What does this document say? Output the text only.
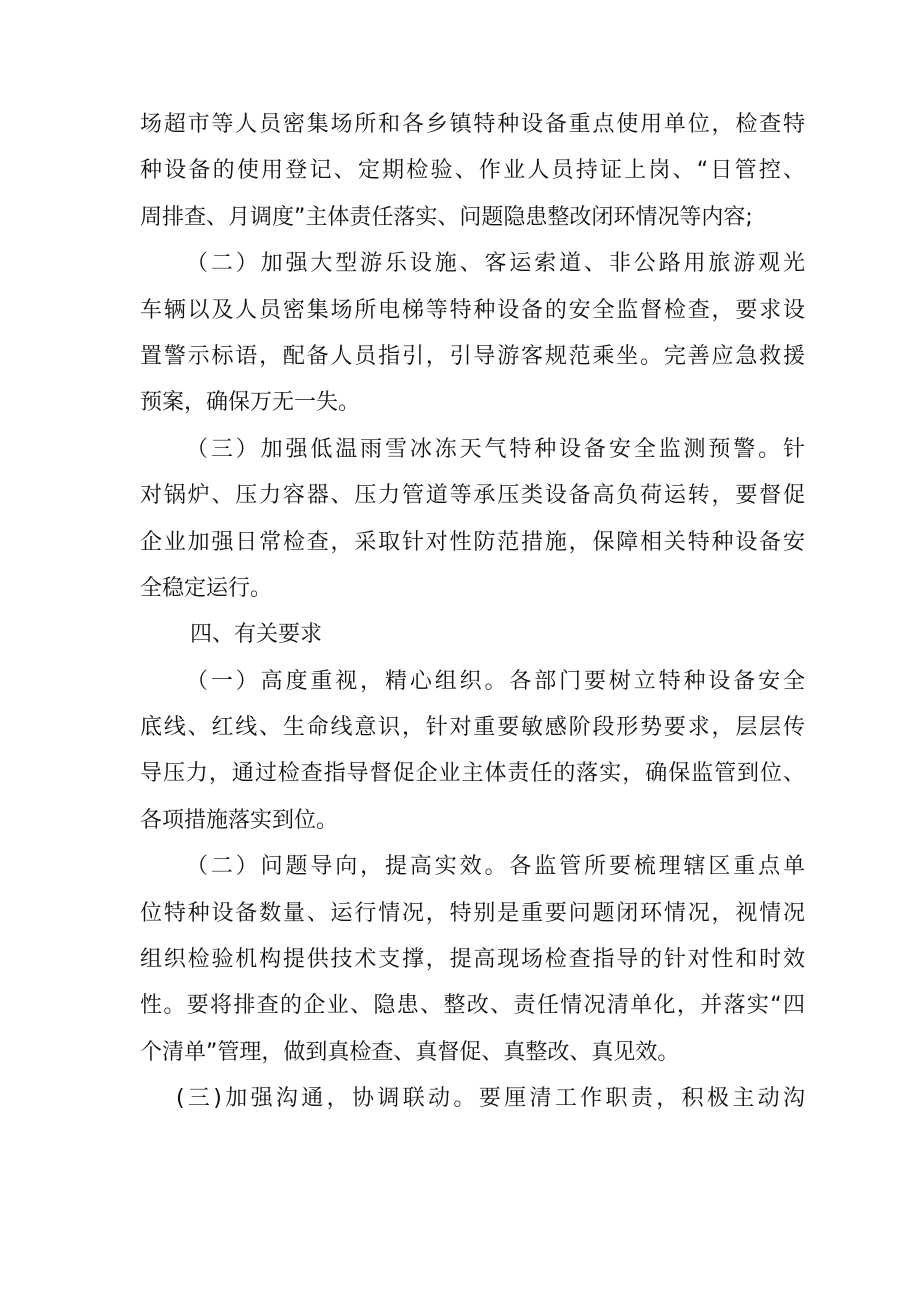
场超市等人员密集场所和各乡镇特种设备重点使用单位，检查特
种设备的使用登记、定期检验、作业人员持证上岗、“日管控、
周排查、月调度”主体责任落实、问题隐患整改闭环情况等内容;
（二）加强大型游乐设施、客运索道、非公路用旅游观光
车辆以及人员密集场所电梯等特种设备的安全监督检查，要求设
置警示标语，配备人员指引，引导游客规范乘坐。完善应急救援
预案，确保万无一失。
（三）加强低温雨雪冰冻天气特种设备安全监测预警。针
对锅炉、压力容器、压力管道等承压类设备高负荷运转，要督促
企业加强日常检查，采取针对性防范措施，保障相关特种设备安
全稳定运行。
四、有关要求
（一）高度重视，精心组织。各部门要树立特种设备安全
底线、红线、生命线意识，针对重要敏感阶段形势要求，层层传
导压力，通过检查指导督促企业主体责任的落实，确保监管到位、
各项措施落实到位。
（二）问题导向，提高实效。各监管所要梳理辖区重点单
位特种设备数量、运行情况，特别是重要问题闭环情况，视情况
组织检验机构提供技术支撑，提高现场检查指导的针对性和时效
性。要将排查的企业、隐患、整改、责任情况清单化，并落实“四
个清单”管理，做到真检查、真督促、真整改、真见效。
(三)加强沟通，协调联动。要厘清工作职责，积极主动沟
